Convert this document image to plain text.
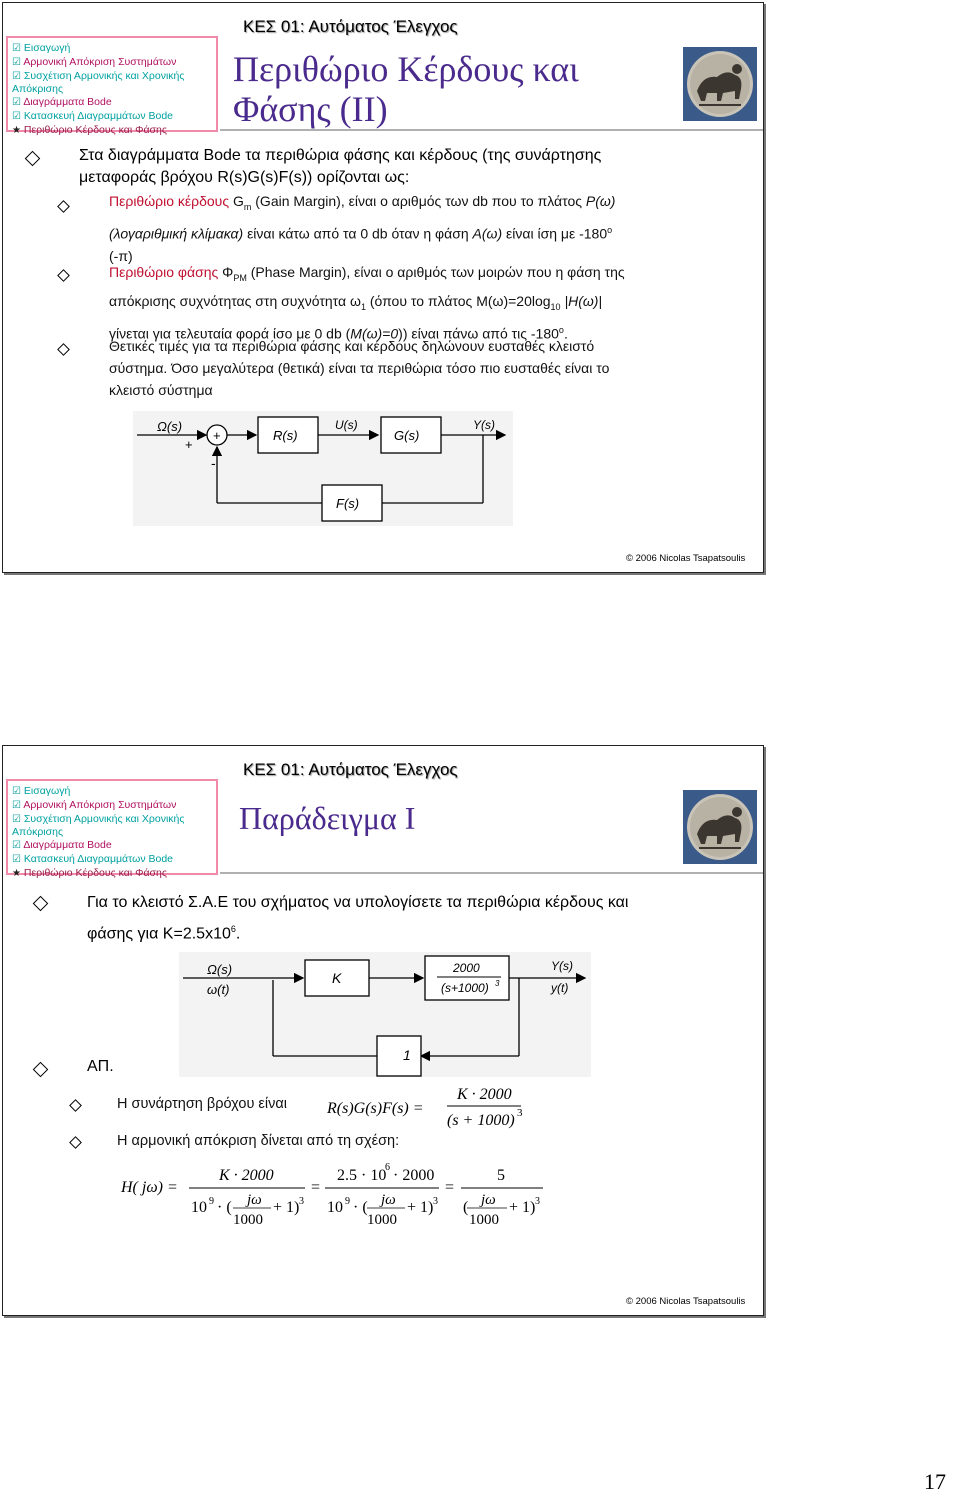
ΚΕΣ 01: Αυτόματος Έλεγχος
☑ Εισαγωγή
☑ Αρμονική Απόκριση Συστημάτων
☑ Συσχέτιση Αρμονικής και Χρονικής
Απόκρισης
☑ Διαγράμματα Bode
☑ Κατασκευή Διαγραμμάτων Bode
★ Περιθώριο Κέρδους και Φάσης
Περιθώριο Κέρδους και
Φάσης (ΙΙ)
Στα διαγράμματα Bode τα περιθώρια φάσης και κέρδους (της συνάρτησης
μεταφοράς βρόχου R(s)G(s)F(s)) ορίζονται ως:
Περιθώριο κέρδους $G_m$ (Gain Margin), είναι ο αριθμός των db που το πλάτος P(ω)
(λογαριθμική κλίμακα) είναι κάτω από τα 0 db όταν η φάση A(ω) είναι ίση με -180$^o$
(-π)
Περιθώριο φάσης $\Phi_{PM}$ (Phase Margin), είναι ο αριθμός των μοιρών που η φάση της
απόκρισης συχνότητας στη συχνότητα $\omega_1$ (όπου το πλάτος $M(\omega)=20\log_{10}$ |H(ω)|
γίνεται για τελευταία φορά ίσο με 0 db (M(ω)=0)) είναι πάνω από τις -180$^o$.
Θετικές τιμές για τα περιθώρια φάσης και κέρδους δηλώνουν ευσταθές κλειστό
σύστημα. Όσο μεγαλύτερα (θετικά) είναι τα περιθώρια τόσο πιο ευσταθές είναι το
κλειστό σύστημα
Ω(s)
+
+
-
R(s)
U(s)
G(s)
Y(s)
F(s)
© 2006 Nicolas Tsapatsoulis
ΚΕΣ 01: Αυτόματος Έλεγχος
☑ Εισαγωγή
☑ Αρμονική Απόκριση Συστημάτων
☑ Συσχέτιση Αρμονικής και Χρονικής
Απόκρισης
☑ Διαγράμματα Bode
☑ Κατασκευή Διαγραμμάτων Bode
★ Περιθώριο Κέρδους και Φάσης
Παράδειγμα Ι
Για το κλειστό Σ.Α.Ε του σχήματος να υπολογίσετε τα περιθώρια κέρδους και
φάσης για $K=2.5x10^6$.
Ω(s)
ω(t)
K
2000
(s+1000) 3
Y(s)
y(t)
1
ΑΠ.
Η συνάρτηση βρόχου είναι	R(s)G(s)F(s) =
K · 2000
(s + 1000) 3
Η αρμονική απόκριση δίνεται από τη σχέση:
H( jω) =
K · 2000
10 9 · ( jω
1000
+ 1) 3
=
2.5 · 10
6 · 2000
10 9 · ( jω
1000
+ 1) 3
=
5
( jω
1000
+ 1) 3
© 2006 Nicolas Tsapatsoulis
17
